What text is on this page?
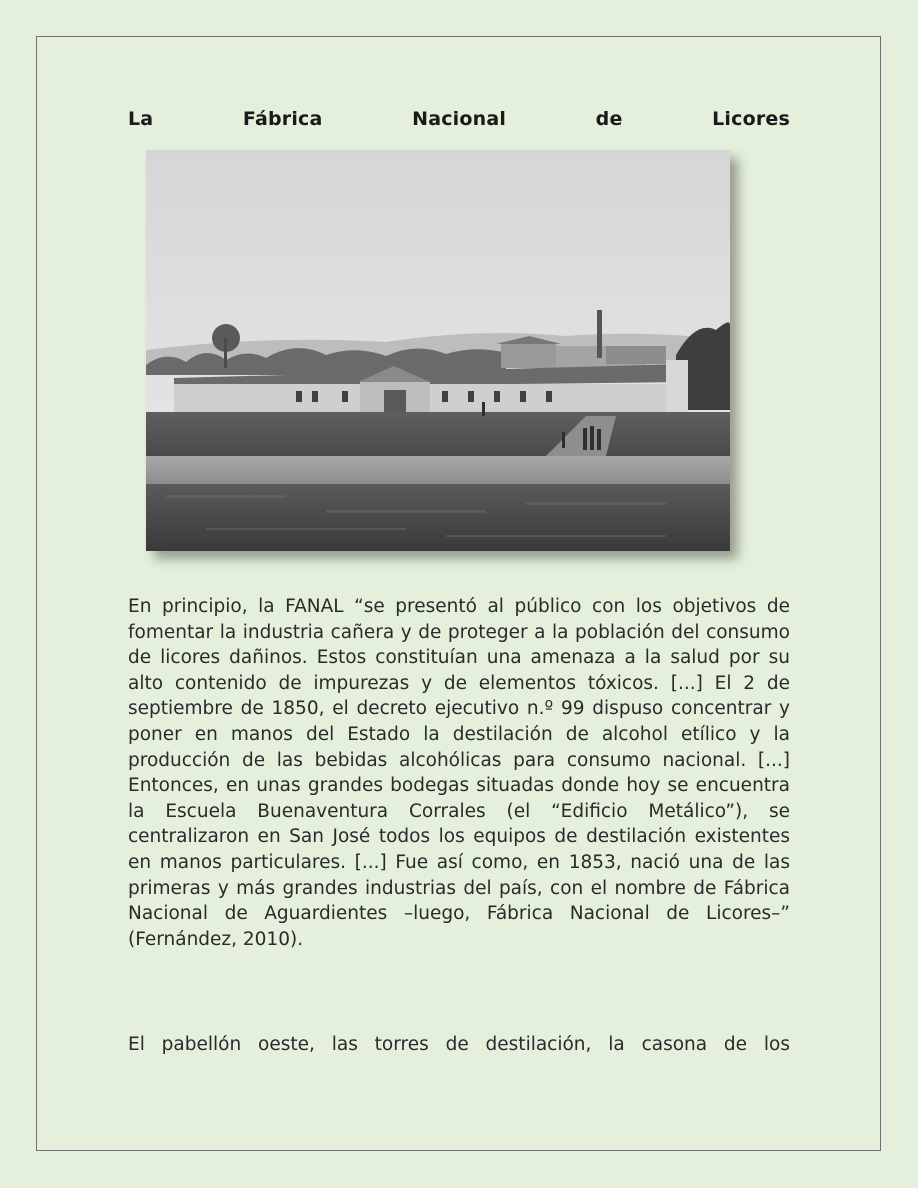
La	Fábrica	Nacional	de	Licores

En principio, la FANAL “se presentó al público con los objetivos de fomentar la industria cañera y de proteger a la población del consumo de licores dañinos. Estos constituían una amenaza a la salud por su alto contenido de impurezas y de elementos tóxicos. [...] El 2 de septiembre de 1850, el decreto ejecutivo n.º 99 dispuso concentrar y poner en manos del Estado la destilación de alcohol etílico y la producción de las bebidas alcohólicas para consumo nacional. [...] Entonces, en unas grandes bodegas situadas donde hoy se encuentra la Escuela Buenaventura Corrales (el “Edificio Metálico”), se centralizaron en San José todos los equipos de destilación existentes en manos particulares. [...] Fue así como, en 1853, nació una de las primeras y más grandes industrias del país, con el nombre de Fábrica Nacional de Aguardientes –luego, Fábrica Nacional de Licores–” (Fernández, 2010).

El pabellón oeste, las torres de destilación, la casona de los
